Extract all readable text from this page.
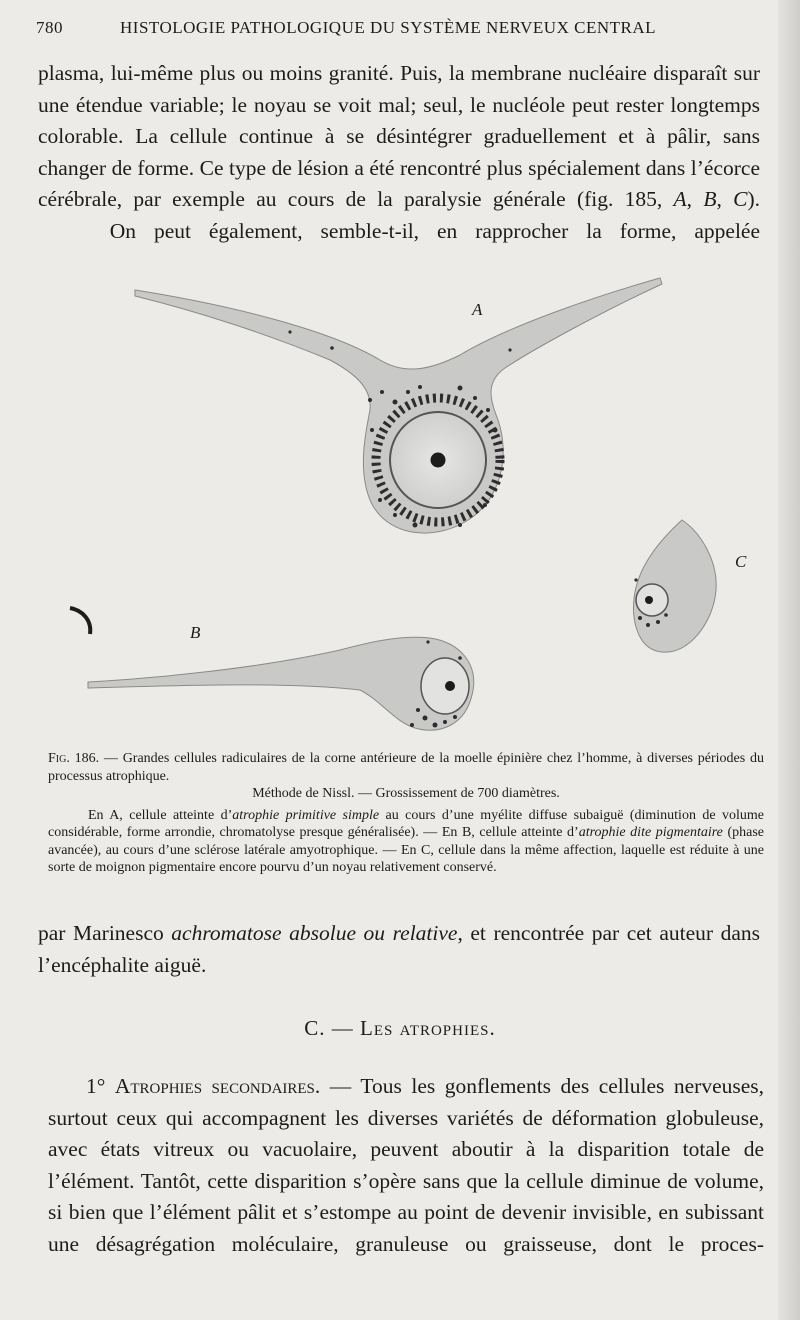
780	HISTOLOGIE PATHOLOGIQUE DU SYSTÈME NERVEUX CENTRAL

plasma, lui-même plus ou moins granité. Puis, la membrane nucléaire disparaît sur une étendue variable; le noyau se voit mal; seul, le nucléole peut rester longtemps colorable. La cellule continue à se désintégrer graduellement et à pâlir, sans changer de forme. Ce type de lésion a été rencontré plus spécialement dans l’écorce cérébrale, par exemple au cours de la paralysie générale (fig. 185, A, B, C).
On peut également, semble-t-il, en rapprocher la forme, appelée

A
C
B

Fig. 186. — Grandes cellules radiculaires de la corne antérieure de la moelle épinière chez l’homme, à diverses périodes du processus atrophique.

Méthode de Nissl. — Grossissement de 700 diamètres.

En A, cellule atteinte d’atrophie primitive simple au cours d’une myélite diffuse subaiguë (diminution de volume considérable, forme arrondie, chromatolyse presque généralisée). — En B, cellule atteinte d’atrophie dite pigmentaire (phase avancée), au cours d’une sclérose latérale amyotrophique. — En C, cellule dans la même affection, laquelle est réduite à une sorte de moignon pigmentaire encore pourvu d’un noyau relativement conservé.

par Marinesco achromatose absolue ou relative, et rencontrée par cet auteur dans l’encéphalite aiguë.

C. — Les atrophies.

1° Atrophies secondaires. — Tous les gonflements des cellules nerveuses, surtout ceux qui accompagnent les diverses variétés de déformation globuleuse, avec états vitreux ou vacuolaire, peuvent aboutir à la disparition totale de l’élément. Tantôt, cette disparition s’opère sans que la cellule diminue de volume, si bien que l’élément pâlit et s’estompe au point de devenir invisible, en subissant une désagrégation moléculaire, granuleuse ou graisseuse, dont le proces-
